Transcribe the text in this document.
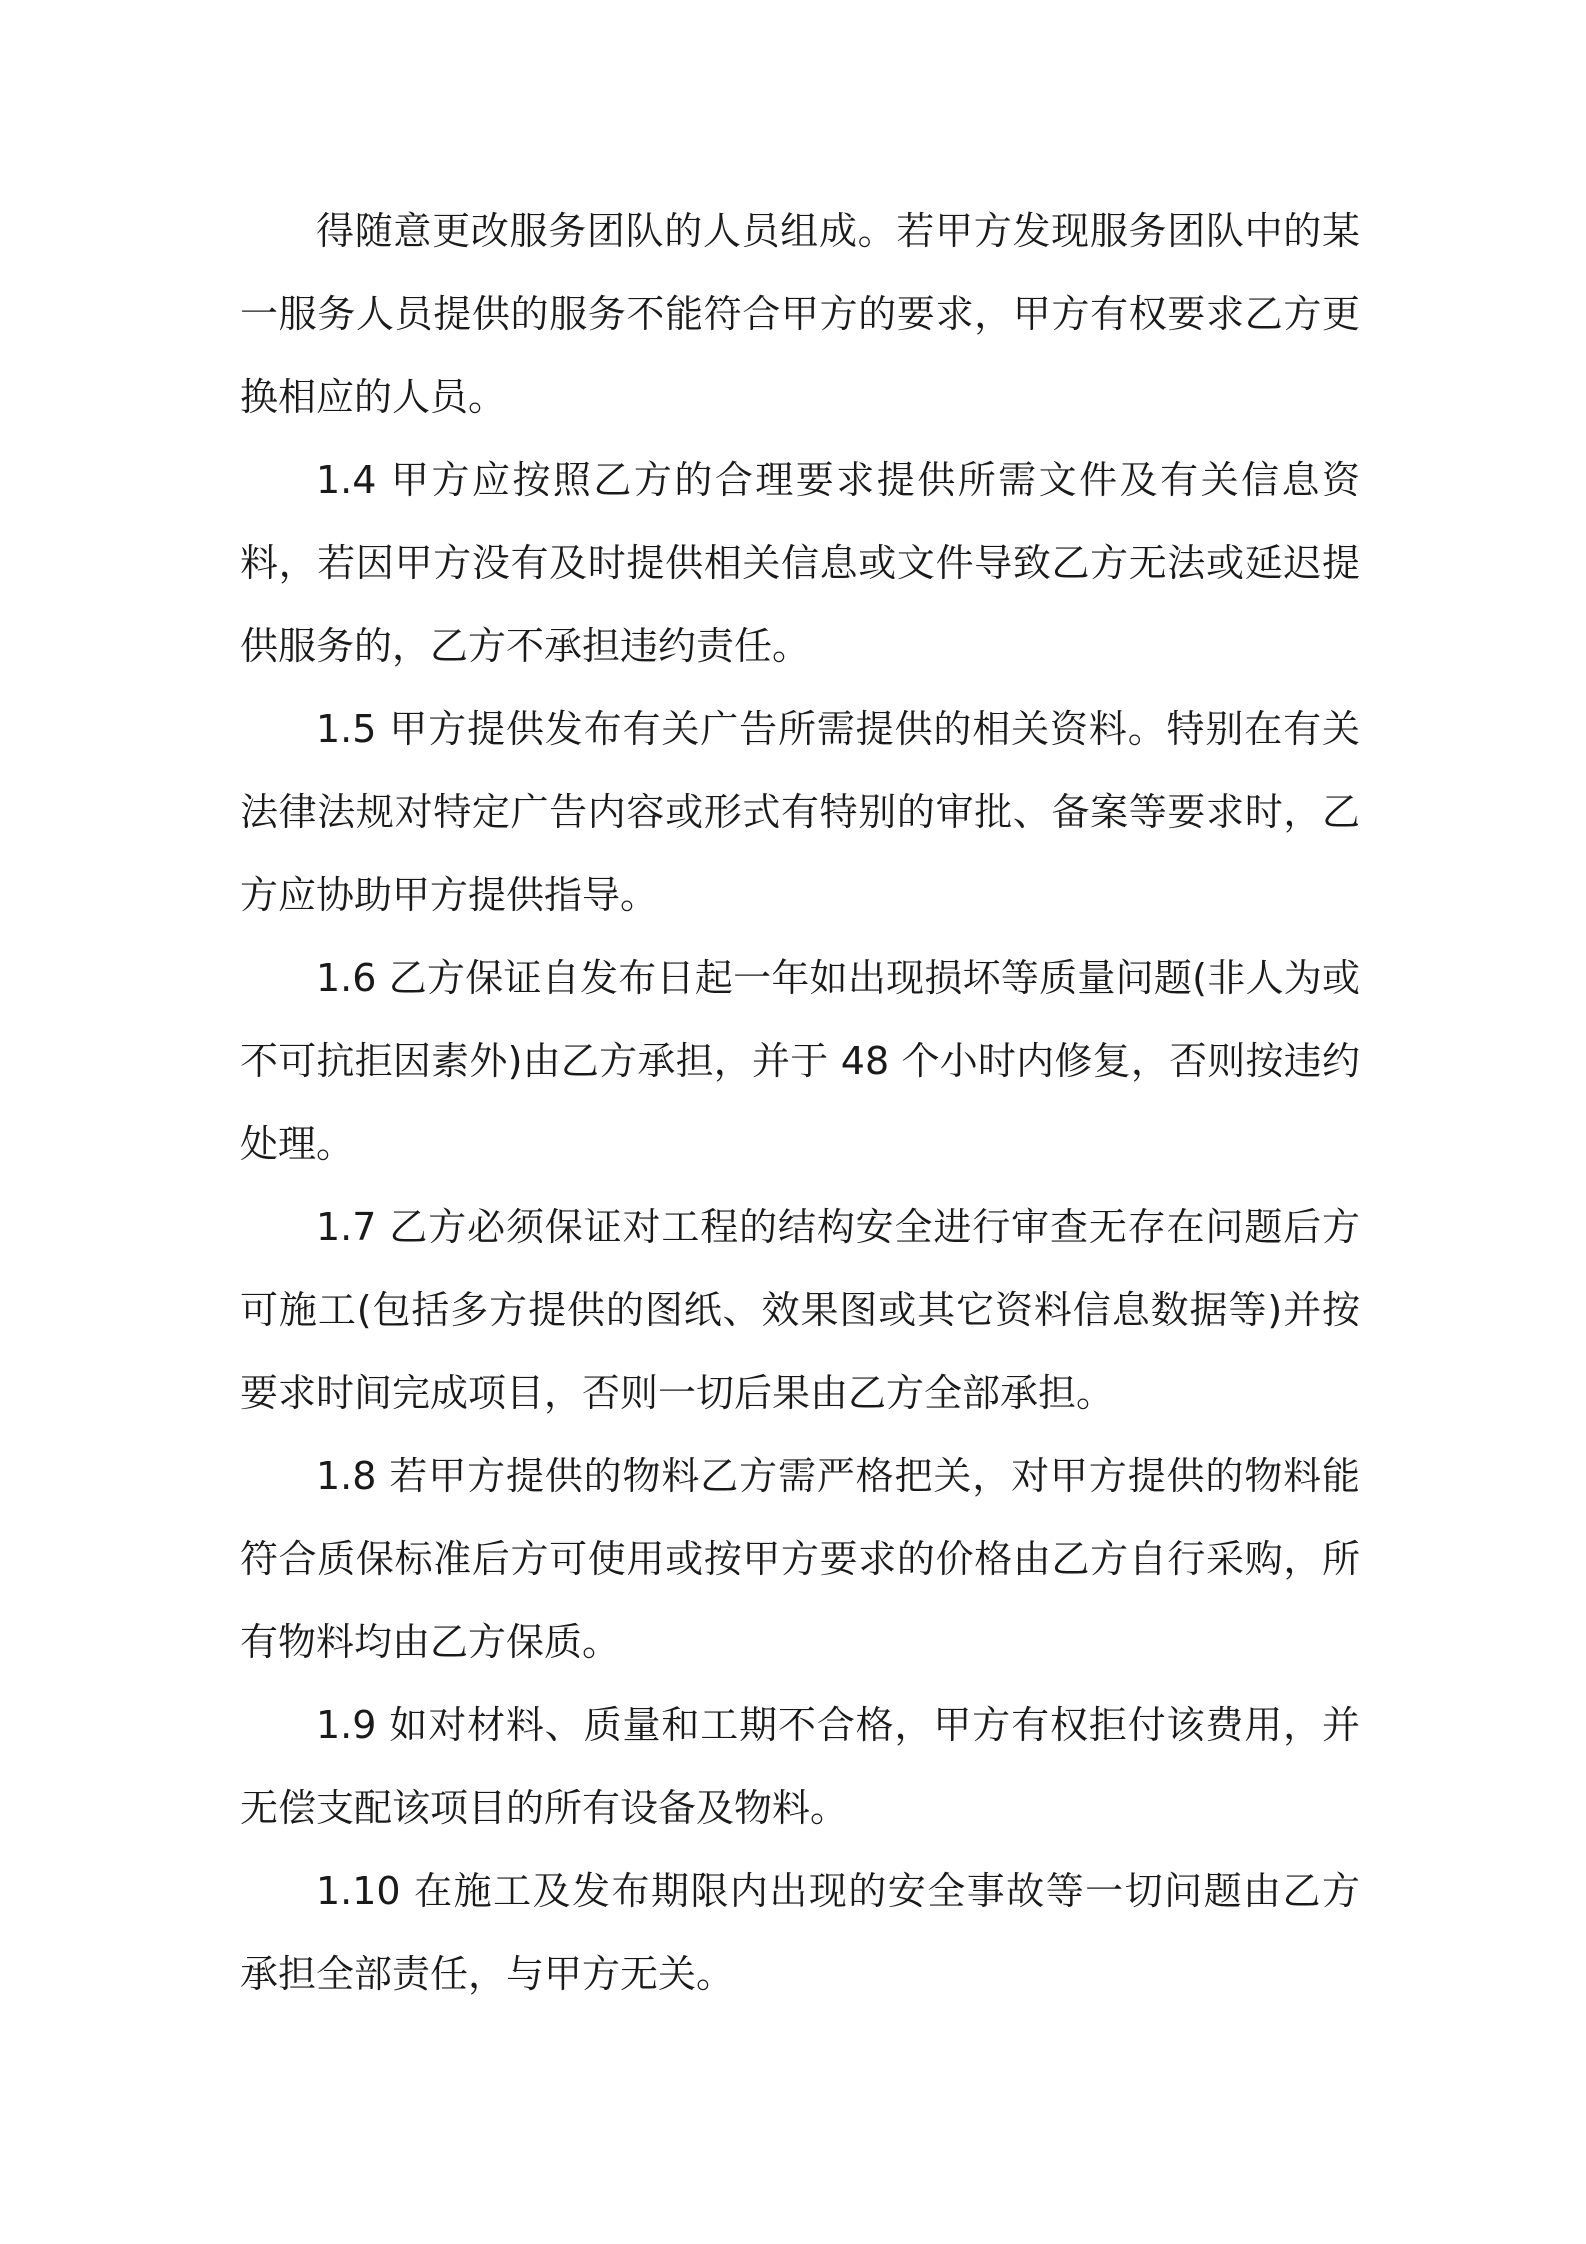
得随意更改服务团队的人员组成。若甲方发现服务团队中的某一服务人员提供的服务不能符合甲方的要求，甲方有权要求乙方更换相应的人员。

1.4 甲方应按照乙方的合理要求提供所需文件及有关信息资料，若因甲方没有及时提供相关信息或文件导致乙方无法或延迟提供服务的，乙方不承担违约责任。

1.5 甲方提供发布有关广告所需提供的相关资料。特别在有关法律法规对特定广告内容或形式有特别的审批、备案等要求时，乙方应协助甲方提供指导。

1.6 乙方保证自发布日起一年如出现损坏等质量问题(非人为或不可抗拒因素外)由乙方承担，并于 48 个小时内修复，否则按违约处理。

1.7 乙方必须保证对工程的结构安全进行审查无存在问题后方可施工(包括多方提供的图纸、效果图或其它资料信息数据等)并按要求时间完成项目，否则一切后果由乙方全部承担。

1.8 若甲方提供的物料乙方需严格把关，对甲方提供的物料能符合质保标准后方可使用或按甲方要求的价格由乙方自行采购，所有物料均由乙方保质。

1.9 如对材料、质量和工期不合格，甲方有权拒付该费用，并无偿支配该项目的所有设备及物料。

1.10 在施工及发布期限内出现的安全事故等一切问题由乙方承担全部责任，与甲方无关。
